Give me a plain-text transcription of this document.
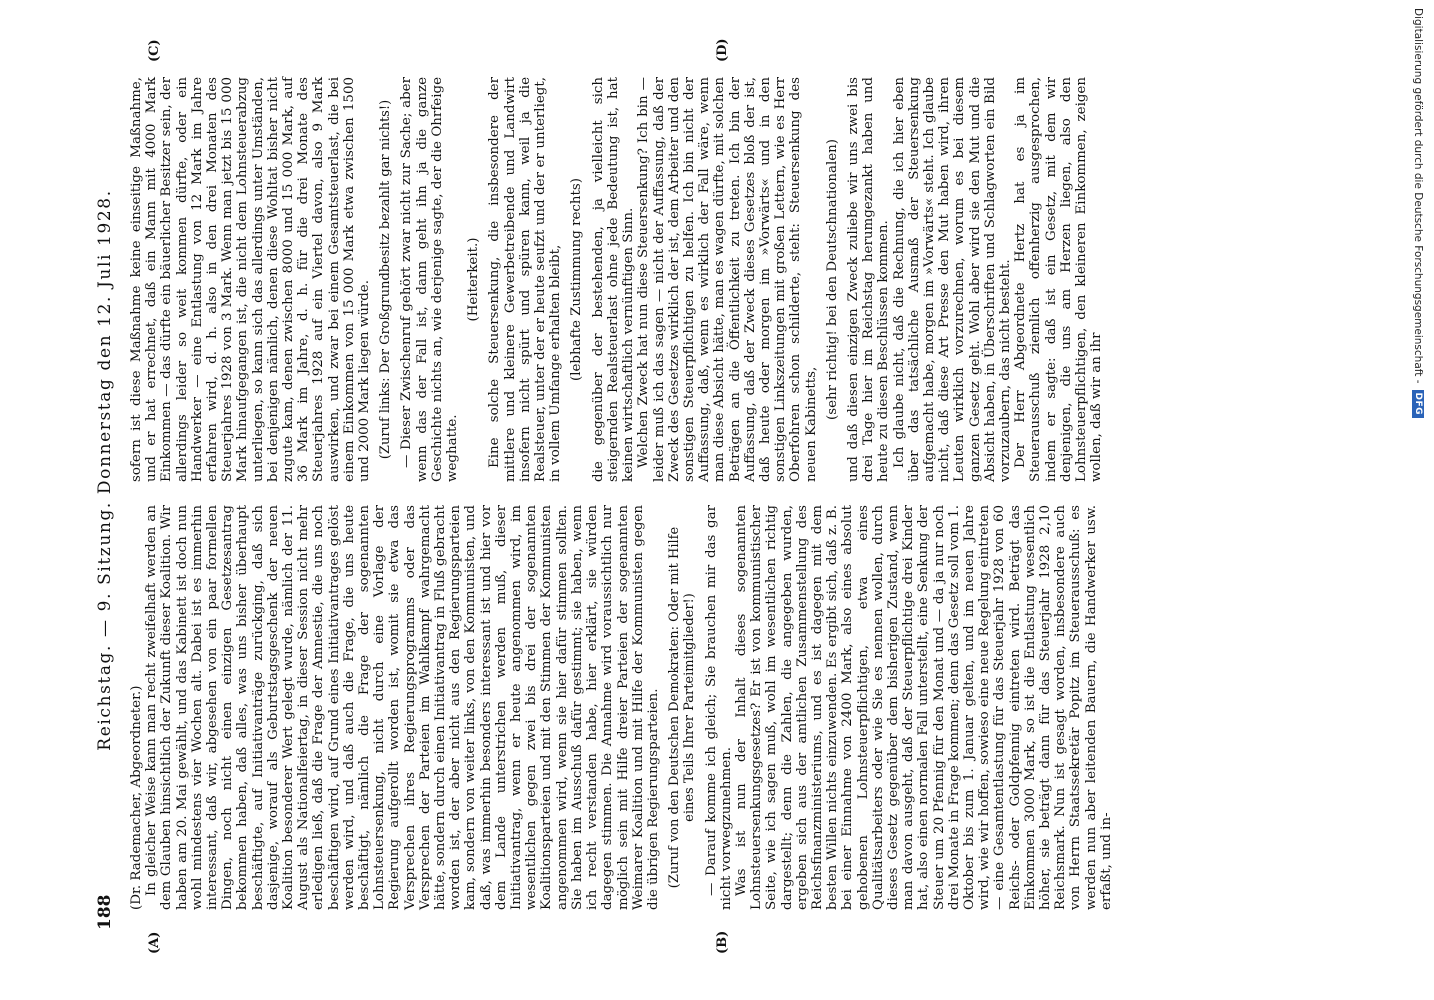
188
Reichstag. — 9. Sitzung. Donnerstag den 12. Juli 1928.
(A)	(B)
(C)	(D)

(Dr. Rademacher, Abgeordneter.) In gleicher Weise kann man recht zweifelhaft werden an dem Glauben hinsichtlich der Zukunft dieser Koalition. Wir haben am 20. Mai gewählt, und das Kabinett ist doch nun wohl mindestens vier Wochen alt. Dabei ist es immerhin interessant, daß wir, abgesehen von ein paar formellen Dingen, noch nicht einen einzigen Gesetzesantrag bekommen haben, daß alles, was uns bisher überhaupt beschäftigte, auf Initiativanträge zurückging, daß sich dasjenige, worauf als Geburtstagsgeschenk der neuen Koalition besonderer Wert gelegt wurde, nämlich der 11. August als Nationalfeiertag, in dieser Session nicht mehr erledigen ließ, daß die Frage der Amnestie, die uns noch beschäftigen wird, auf Grund eines Initiativantrages gelöst werden wird, und daß auch die Frage, die uns heute beschäftigt, nämlich die Frage der sogenannten Lohnsteuersenkung, nicht durch eine Vorlage der Regierung aufgerollt worden ist, womit sie etwa das Versprechen ihres Regierungsprogramms oder das Versprechen der Parteien im Wahlkampf wahrgemacht hätte, sondern durch einen Initiativantrag in Fluß gebracht worden ist, der aber nicht aus den Regierungsparteien kam, sondern von weiter links, von den Kommunisten, und daß, was immerhin besonders interessant ist und hier vor dem Lande unterstrichen werden muß, dieser Initiativantrag, wenn er heute angenommen wird, im wesentlichen gegen zwei bis drei der sogenannten Koalitionsparteien und mit den Stimmen der Kommunisten angenommen wird, wenn sie hier dafür stimmen sollten. Sie haben im Ausschuß dafür gestimmt; sie haben, wenn ich recht verstanden habe, hier erklärt, sie würden dagegen stimmen. Die Annahme wird voraussichtlich nur möglich sein mit Hilfe dreier Parteien der sogenannten Weimarer Koalition und mit Hilfe der Kommunisten gegen die übrigen Regierungsparteien. (Zuruf von den Deutschen Demokraten: Oder mit Hilfe eines Teils Ihrer Parteimitglieder!) — Darauf komme ich gleich; Sie brauchen mir das gar nicht vorwegzunehmen. Was ist nun der Inhalt dieses sogenannten Lohnsteuersenkungsgesetzes? Er ist von kommunistischer Seite, wie ich sagen muß, wohl im wesentlichen richtig dargestellt; denn die Zahlen, die angegeben wurden, ergeben sich aus der amtlichen Zusammenstellung des Reichsfinanzministeriums, und es ist dagegen mit dem besten Willen nichts einzuwenden. Es ergibt sich, daß z. B. bei einer Einnahme von 2400 Mark, also eines absolut gehobenen Lohnsteuerpflichtigen, etwa eines Qualitätsarbeiters oder wie Sie es nennen wollen, durch dieses Gesetz gegenüber dem bisherigen Zustand, wenn man davon ausgeht, daß der Steuerpflichtige drei Kinder hat, also einen normalen Fall unterstellt, eine Senkung der Steuer um 20 Pfennig für den Monat und — da ja nur noch drei Monate in Frage kommen; denn das Gesetz soll vom 1. Oktober bis zum 1. Januar gelten, und im neuen Jahre wird, wie wir hoffen, sowieso eine neue Regelung eintreten — eine Gesamtentlastung für das Steuerjahr 1928 von 60 Reichs- oder Goldpfennig eintreten wird. Beträgt das Einkommen 3000 Mark, so ist die Entlastung wesentlich höher, sie beträgt dann für das Steuerjahr 1928 2,10 Reichsmark. Nun ist gesagt worden, insbesondere auch von Herrn Staatssekretär Popitz im Steuerausschuß: es werden nun aber leitenden Bauern, die Handwerker usw. erfaßt, und in-

sofern ist diese Maßnahme keine einseitige Maßnahme, und er hat errechnet, daß ein Mann mit 4000 Mark Einkommen — das dürfte ein bäuerlicher Besitzer sein, der allerdings leider so weit kommen dürfte, oder ein Handwerker — eine Entlastung von 12 Mark im Jahre erfahren wird, d. h. also in den drei Monaten des Steuerjahres 1928 von 3 Mark. Wenn man jetzt bis 15 000 Mark hinaufgegangen ist, die nicht dem Lohnsteuerabzug unterliegen, so kann sich das allerdings unter Umständen, bei denjenigen nämlich, denen diese Wohltat bisher nicht zugute kam, denen zwischen 8000 und 15 000 Mark, auf 36 Mark im Jahre, d. h. für die drei Monate des Steuerjahres 1928 auf ein Viertel davon, also 9 Mark auswirken, und zwar bei einem Gesamtsteuerlast, die bei einem Einkommen von 15 000 Mark etwa zwischen 1500 und 2000 Mark liegen würde. (Zuruf links: Der Großgrundbesitz bezahlt gar nichts!) — Dieser Zwischenruf gehört zwar nicht zur Sache; aber wenn das der Fall ist, dann geht ihn ja die ganze Geschichte nichts an, wie derjenige sagte, der die Ohrfeige weghatte.

(Heiterkeit.) Eine solche Steuersenkung, die insbesondere der mittlere und kleinere Gewerbetreibende und Landwirt insofern nicht spürt und spüren kann, weil ja die Realsteuer, unter der er heute seufzt und der er unterliegt, in vollem Umfange erhalten bleibt, (lebhafte Zustimmung rechts) die gegenüber der bestehenden, ja vielleicht sich steigernden Realsteuerlast ohne jede Bedeutung ist, hat keinen wirtschaftlich vernünftigen Sinn. Welchen Zweck hat nun diese Steuersenkung? Ich bin — leider muß ich das sagen — nicht der Auffassung, daß der Zweck des Gesetzes wirklich der ist, dem Arbeiter und den sonstigen Steuerpflichtigen zu helfen. Ich bin nicht der Auffassung, daß, wenn es wirklich der Fall wäre, wenn man diese Absicht hätte, man es wagen dürfte, mit solchen Beträgen an die Öffentlichkeit zu treten. Ich bin der Auffassung, daß der Zweck dieses Gesetzes bloß der ist, daß heute oder morgen im »Vorwärts« und in den sonstigen Linkszeitungen mit großen Lettern, wie es Herr Oberfohren schon schilderte, steht: Steuersenkung des neuen Kabinetts,

(sehr richtig! bei den Deutschnationalen) und daß diesen einzigen Zweck zuliebe wir uns zwei bis drei Tage hier im Reichstag herumgezankt haben und heute zu diesen Beschlüssen kommen. Ich glaube nicht, daß die Rechnung, die ich hier eben über das tatsächliche Ausmaß der Steuersenkung aufgemacht habe, morgen im »Vorwärts« steht. Ich glaube nicht, daß diese Art Presse den Mut haben wird, ihren Leuten wirklich vorzurechnen, worum es bei diesem ganzen Gesetz geht. Wohl aber wird sie den Mut und die Absicht haben, in Überschriften und Schlagworten ein Bild vorzuzaubern, das nicht besteht. Der Herr Abgeordnete Hertz hat es ja im Steuerausschuß ziemlich offenherzig ausgesprochen, indem er sagte: daß ist ein Gesetz, mit dem wir denjenigen, die uns am Herzen liegen, also den Lohnsteuerpflichtigen, den kleineren Einkommen, zeigen wollen, daß wir an ihr

Digitalisierung gefördert durch die Deutsche Forschungsgemeinschaft -
DFG
